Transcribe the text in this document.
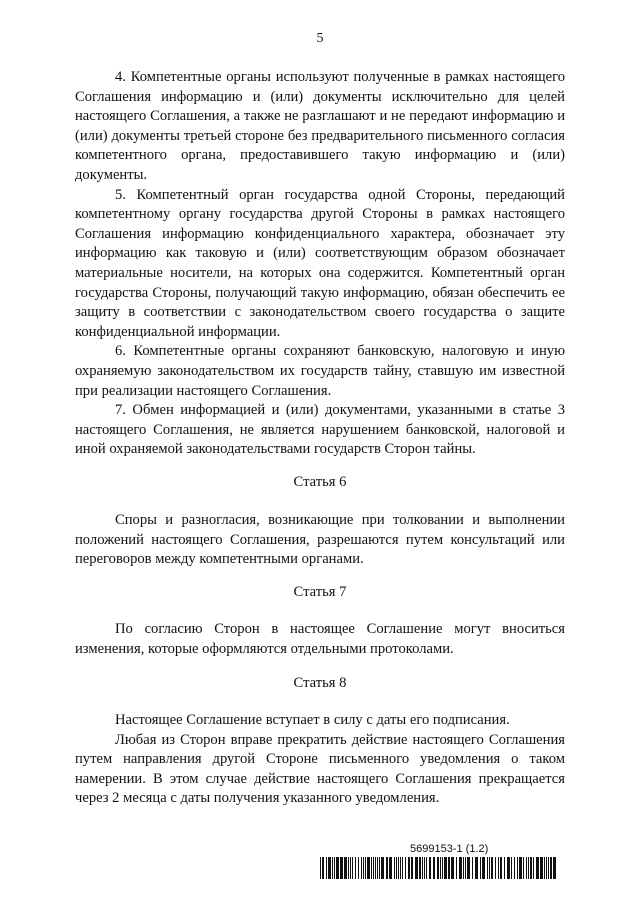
5

4. Компетентные органы используют полученные в рамках настоящего Соглашения информацию и (или) документы исключительно для целей настоящего Соглашения, а также не разглашают и не передают информацию и (или) документы третьей стороне без предварительного письменного согласия компетентного органа, предоставившего такую информацию и (или) документы.

5. Компетентный орган государства одной Стороны, передающий компетентному органу государства другой Стороны в рамках настоящего Соглашения информацию конфиденциального характера, обозначает эту информацию как таковую и (или) соответствующим образом обозначает материальные носители, на которых она содержится. Компетентный орган государства Стороны, получающий такую информацию, обязан обеспечить ее защиту в соответствии с законодательством своего государства о защите конфиденциальной информации.

6. Компетентные органы сохраняют банковскую, налоговую и иную охраняемую законодательством их государств тайну, ставшую им известной при реализации настоящего Соглашения.

7. Обмен информацией и (или) документами, указанными в статье 3 настоящего Соглашения, не является нарушением банковской, налоговой и иной охраняемой законодательствами государств Сторон тайны.

Статья 6

Споры и разногласия, возникающие при толковании и выполнении положений настоящего Соглашения, разрешаются путем консультаций или переговоров между компетентными органами.

Статья 7

По согласию Сторон в настоящее Соглашение могут вноситься изменения, которые оформляются отдельными протоколами.

Статья 8

Настоящее Соглашение вступает в силу с даты его подписания.

Любая из Сторон вправе прекратить действие настоящего Соглашения путем направления другой Стороне письменного уведомления о таком намерении. В этом случае действие настоящего Соглашения прекращается через 2 месяца с даты получения указанного уведомления.

5699153-1 (1.2)
